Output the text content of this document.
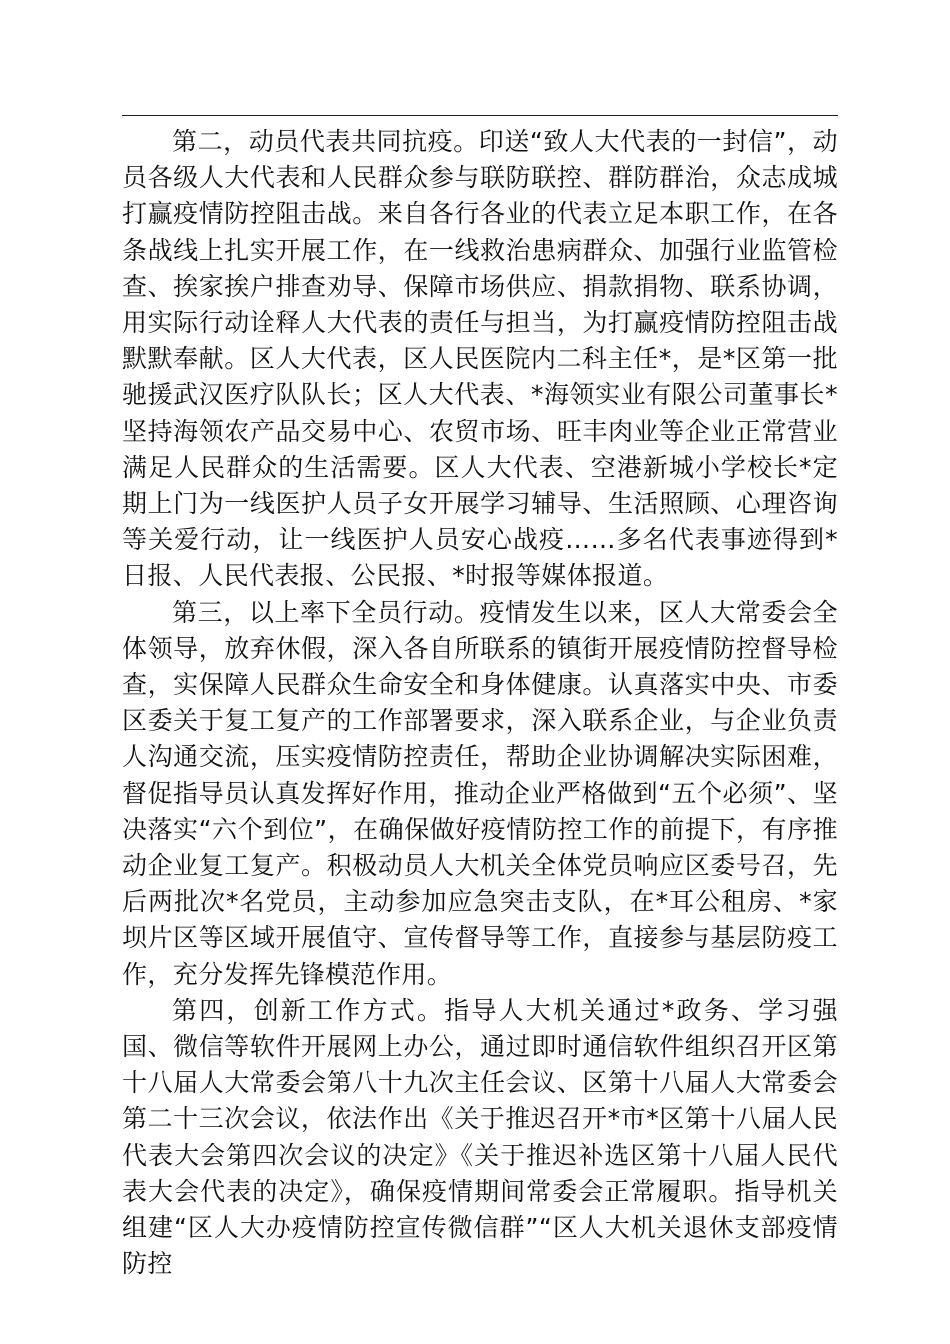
第二，动员代表共同抗疫。印送“致人大代表的一封信”，动员各级人大代表和人民群众参与联防联控、群防群治，众志成城打赢疫情防控阻击战。来自各行各业的代表立足本职工作，在各条战线上扎实开展工作，在一线救治患病群众、加强行业监管检查、挨家挨户排查劝导、保障市场供应、捐款捐物、联系协调，用实际行动诠释人大代表的责任与担当，为打赢疫情防控阻击战默默奉献。区人大代表，区人民医院内二科主任*，是*区第一批驰援武汉医疗队队长；区人大代表、*海领实业有限公司董事长*坚持海领农产品交易中心、农贸市场、旺丰肉业等企业正常营业满足人民群众的生活需要。区人大代表、空港新城小学校长*定期上门为一线医护人员子女开展学习辅导、生活照顾、心理咨询等关爱行动，让一线医护人员安心战疫……多名代表事迹得到*日报、人民代表报、公民报、*时报等媒体报道。

第三，以上率下全员行动。疫情发生以来，区人大常委会全体领导，放弃休假，深入各自所联系的镇街开展疫情防控督导检查，实保障人民群众生命安全和身体健康。认真落实中央、市委区委关于复工复产的工作部署要求，深入联系企业，与企业负责人沟通交流，压实疫情防控责任，帮助企业协调解决实际困难，督促指导员认真发挥好作用，推动企业严格做到“五个必须”、坚决落实“六个到位”，在确保做好疫情防控工作的前提下，有序推动企业复工复产。积极动员人大机关全体党员响应区委号召，先后两批次*名党员，主动参加应急突击支队，在*耳公租房、*家坝片区等区域开展值守、宣传督导等工作，直接参与基层防疫工作，充分发挥先锋模范作用。

第四，创新工作方式。指导人大机关通过*政务、学习强国、微信等软件开展网上办公，通过即时通信软件组织召开区第十八届人大常委会第八十九次主任会议、区第十八届人大常委会第二十三次会议，依法作出《关于推迟召开*市*区第十八届人民代表大会第四次会议的决定》《关于推迟补选区第十八届人民代表大会代表的决定》，确保疫情期间常委会正常履职。指导机关组建“区人大办疫情防控宣传微信群”“区人大机关退休支部疫情防控
